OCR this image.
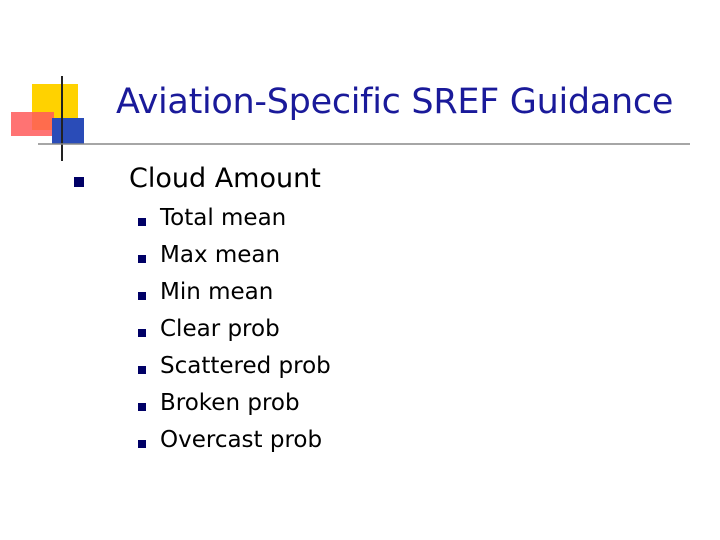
Aviation-Specific SREF Guidance
Cloud Amount
Total mean
Max mean
Min mean
Clear prob
Scattered prob
Broken prob
Overcast prob
